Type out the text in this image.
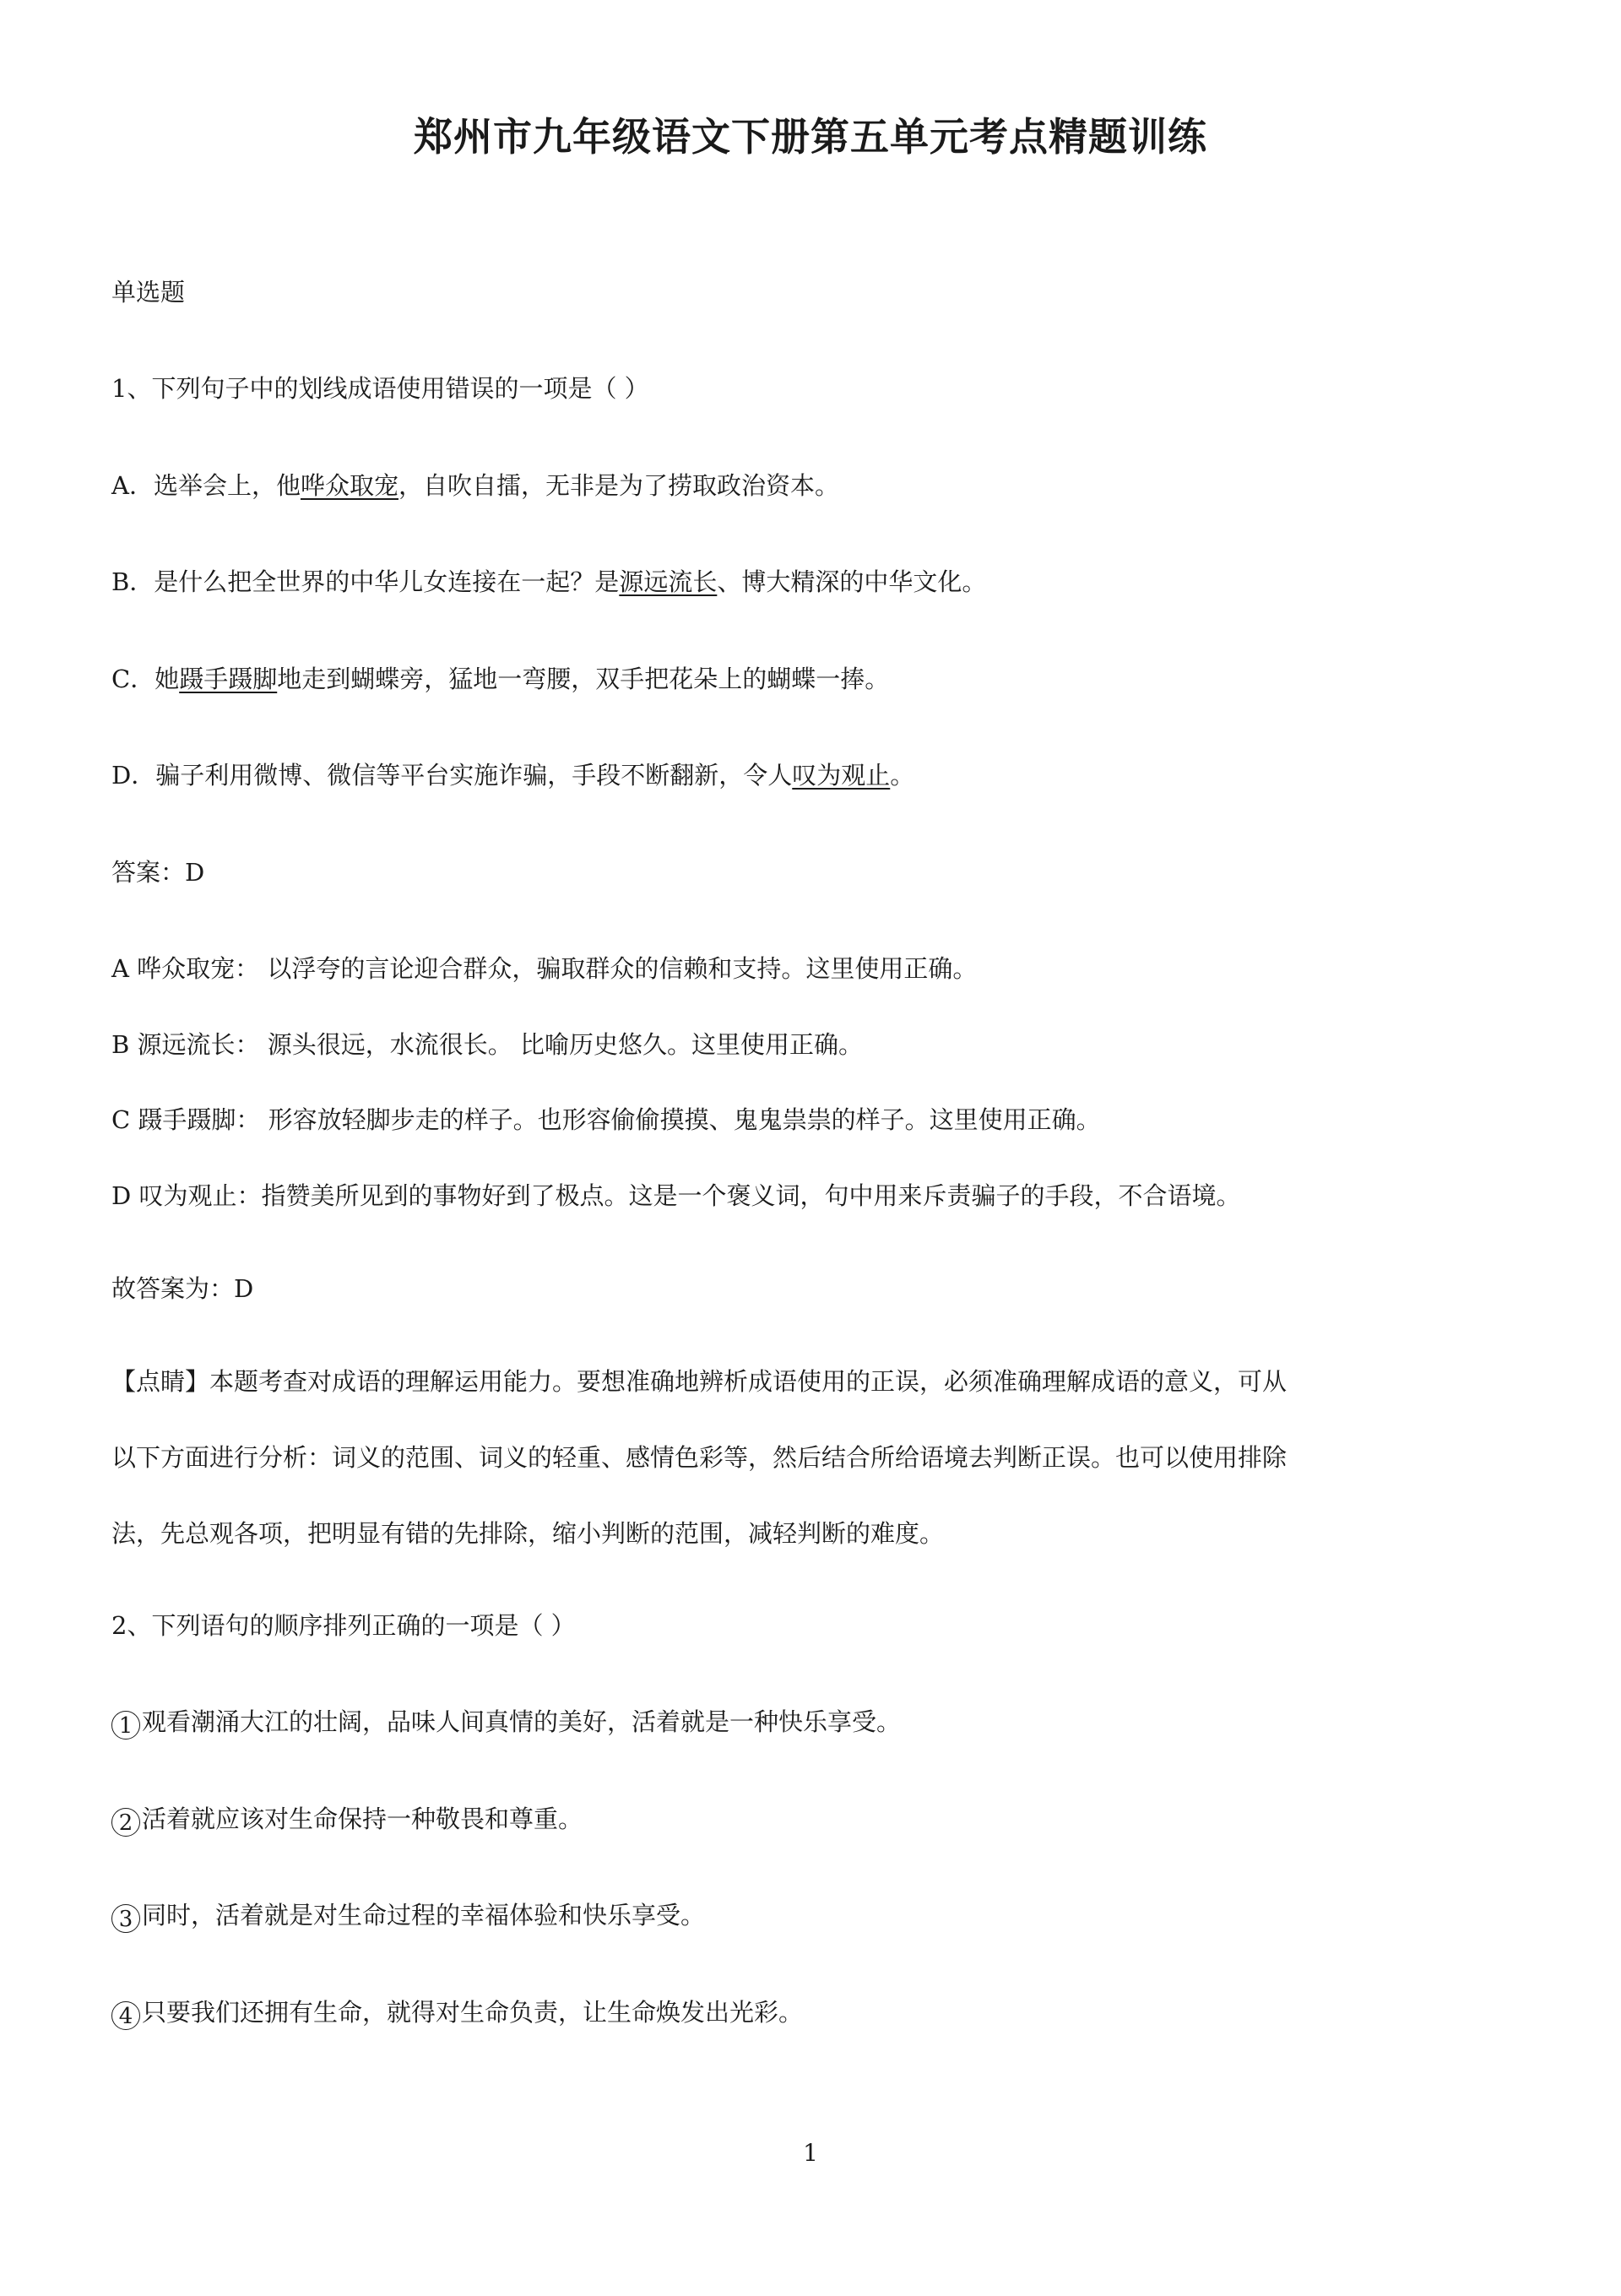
郑州市九年级语文下册第五单元考点精题训练
单选题
1、下列句子中的划线成语使用错误的一项是（ ）
A．选举会上，他哗众取宠，自吹自擂，无非是为了捞取政治资本。
B．是什么把全世界的中华儿女连接在一起？是源远流长、博大精深的中华文化。
C．她蹑手蹑脚地走到蝴蝶旁，猛地一弯腰，双手把花朵上的蝴蝶一捧。
D．骗子利用微博、微信等平台实施诈骗，手段不断翻新，令人叹为观止。
答案：D
A 哗众取宠： 以浮夸的言论迎合群众，骗取群众的信赖和支持。这里使用正确。
B 源远流长： 源头很远，水流很长。 比喻历史悠久。这里使用正确。
C 蹑手蹑脚： 形容放轻脚步走的样子。也形容偷偷摸摸、鬼鬼祟祟的样子。这里使用正确。
D 叹为观止：指赞美所见到的事物好到了极点。这是一个褒义词，句中用来斥责骗子的手段，不合语境。
故答案为：D
【点睛】本题考查对成语的理解运用能力。要想准确地辨析成语使用的正误，必须准确理解成语的意义，可从
以下方面进行分析：词义的范围、词义的轻重、感情色彩等，然后结合所给语境去判断正误。也可以使用排除
法，先总观各项，把明显有错的先排除，缩小判断的范围，减轻判断的难度。
2、下列语句的顺序排列正确的一项是（ ）
1 观看潮涌大江的壮阔，品味人间真情的美好，活着就是一种快乐享受。
2 活着就应该对生命保持一种敬畏和尊重。
3 同时，活着就是对生命过程的幸福体验和快乐享受。
4 只要我们还拥有生命，就得对生命负责，让生命焕发出光彩。
1
